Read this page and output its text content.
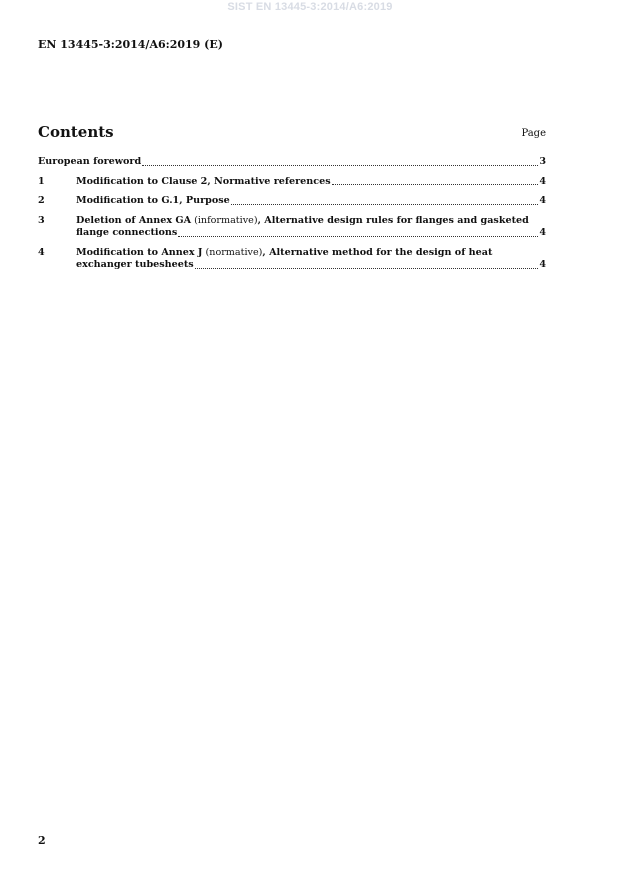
SIST EN 13445-3:2014/A6:2019
EN 13445-3:2014/A6:2019 (E)
Contents	Page
European foreword	3
1	Modification to Clause 2, Normative references	4
2	Modification to G.1, Purpose	4
3	Deletion of Annex GA (informative), Alternative design rules for flanges and gasketed
flange connections	4
4	Modification to Annex J (normative), Alternative method for the design of heat
exchanger tubesheets	4
2
